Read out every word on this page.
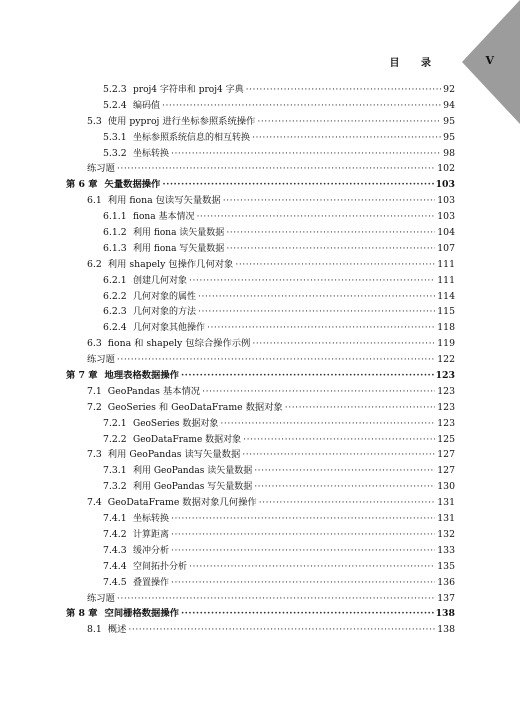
目 录	V
5.2.3 proj4 字符串和 proj4 字典 ·····	92
5.2.4 编码值 ·····	94
5.3 使用 pyproj 进行坐标参照系统操作 ·····	95
5.3.1 坐标参照系统信息的相互转换 ·····	95
5.3.2 坐标转换 ·····	98
练习题 ·····	102
第 6 章 矢量数据操作 ·····	103
6.1 利用 fiona 包读写矢量数据 ·····	103
6.1.1 fiona 基本情况 ·····	103
6.1.2 利用 fiona 读矢量数据 ·····	104
6.1.3 利用 fiona 写矢量数据 ·····	107
6.2 利用 shapely 包操作几何对象 ·····	111
6.2.1 创建几何对象 ·····	111
6.2.2 几何对象的属性 ·····	114
6.2.3 几何对象的方法 ·····	115
6.2.4 几何对象其他操作 ·····	118
6.3 fiona 和 shapely 包综合操作示例 ·····	119
练习题 ·····	122
第 7 章 地理表格数据操作 ·····	123
7.1 GeoPandas 基本情况 ·····	123
7.2 GeoSeries 和 GeoDataFrame 数据对象 ·····	123
7.2.1 GeoSeries 数据对象 ·····	123
7.2.2 GeoDataFrame 数据对象 ·····	125
7.3 利用 GeoPandas 读写矢量数据 ·····	127
7.3.1 利用 GeoPandas 读矢量数据 ·····	127
7.3.2 利用 GeoPandas 写矢量数据 ·····	130
7.4 GeoDataFrame 数据对象几何操作 ·····	131
7.4.1 坐标转换 ·····	131
7.4.2 计算距离 ·····	132
7.4.3 缓冲分析 ·····	133
7.4.4 空间拓扑分析 ·····	135
7.4.5 叠置操作 ·····	136
练习题 ·····	137
第 8 章 空间栅格数据操作 ·····	138
8.1 概述 ·····	138
